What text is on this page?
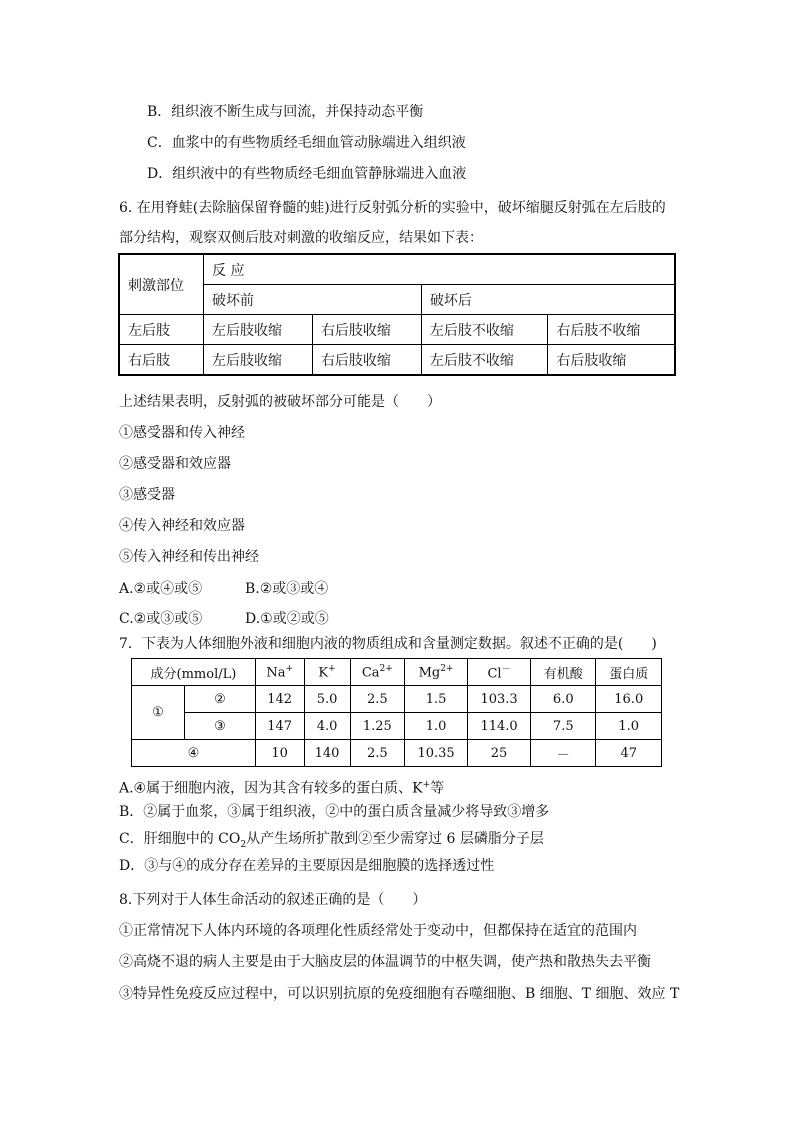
B．组织液不断生成与回流，并保持动态平衡
C．血浆中的有些物质经毛细血管动脉端进入组织液
D．组织液中的有些物质经毛细血管静脉端进入血液
6. 在用脊蛙(去除脑保留脊髓的蛙)进行反射弧分析的实验中，破坏缩腿反射弧在左后肢的
部分结构，观察双侧后肢对刺激的收缩反应，结果如下表：
刺激部位	反 应			
	破坏前		破坏后	
左后肢	左后肢收缩	右后肢收缩	左后肢不收缩	右后肢不收缩
右后肢	左后肢收缩	右后肢收缩	左后肢不收缩	右后肢收缩
上述结果表明，反射弧的被破坏部分可能是（　　）
①感受器和传入神经
②感受器和效应器
③感受器
④传入神经和效应器
⑤传入神经和传出神经
A.②或④或⑤	B.②或③或④
C.②或③或⑤	D.①或②或⑤
7．下表为人体细胞外液和细胞内液的物质组成和含量测定数据。叙述不正确的是(　　)
成分(mmol/L)		Na+	K+	$Ca^{2+}$	$Mg^{2+}$	Cl－	有机酸	蛋白质
①	②	142	5.0	2.5	1.5	103.3	6.0	16.0
	③	147	4.0	1.25	1.0	114.0	7.5	1.0
④		10	140	2.5	10.35	25	－	47
A.④属于细胞内液，因为其含有较多的蛋白质、K+等
B．②属于血浆，③属于组织液，②中的蛋白质含量减少将导致③增多
C．肝细胞中的 $CO_2$从产生场所扩散到②至少需穿过 6 层磷脂分子层
D．③与④的成分存在差异的主要原因是细胞膜的选择透过性
8.下列对于人体生命活动的叙述正确的是（　　）
①正常情况下人体内环境的各项理化性质经常处于变动中，但都保持在适宜的范围内
②高烧不退的病人主要是由于大脑皮层的体温调节的中枢失调，使产热和散热失去平衡
③特异性免疫反应过程中，可以识别抗原的免疫细胞有吞噬细胞、B 细胞、T 细胞、效应 T
